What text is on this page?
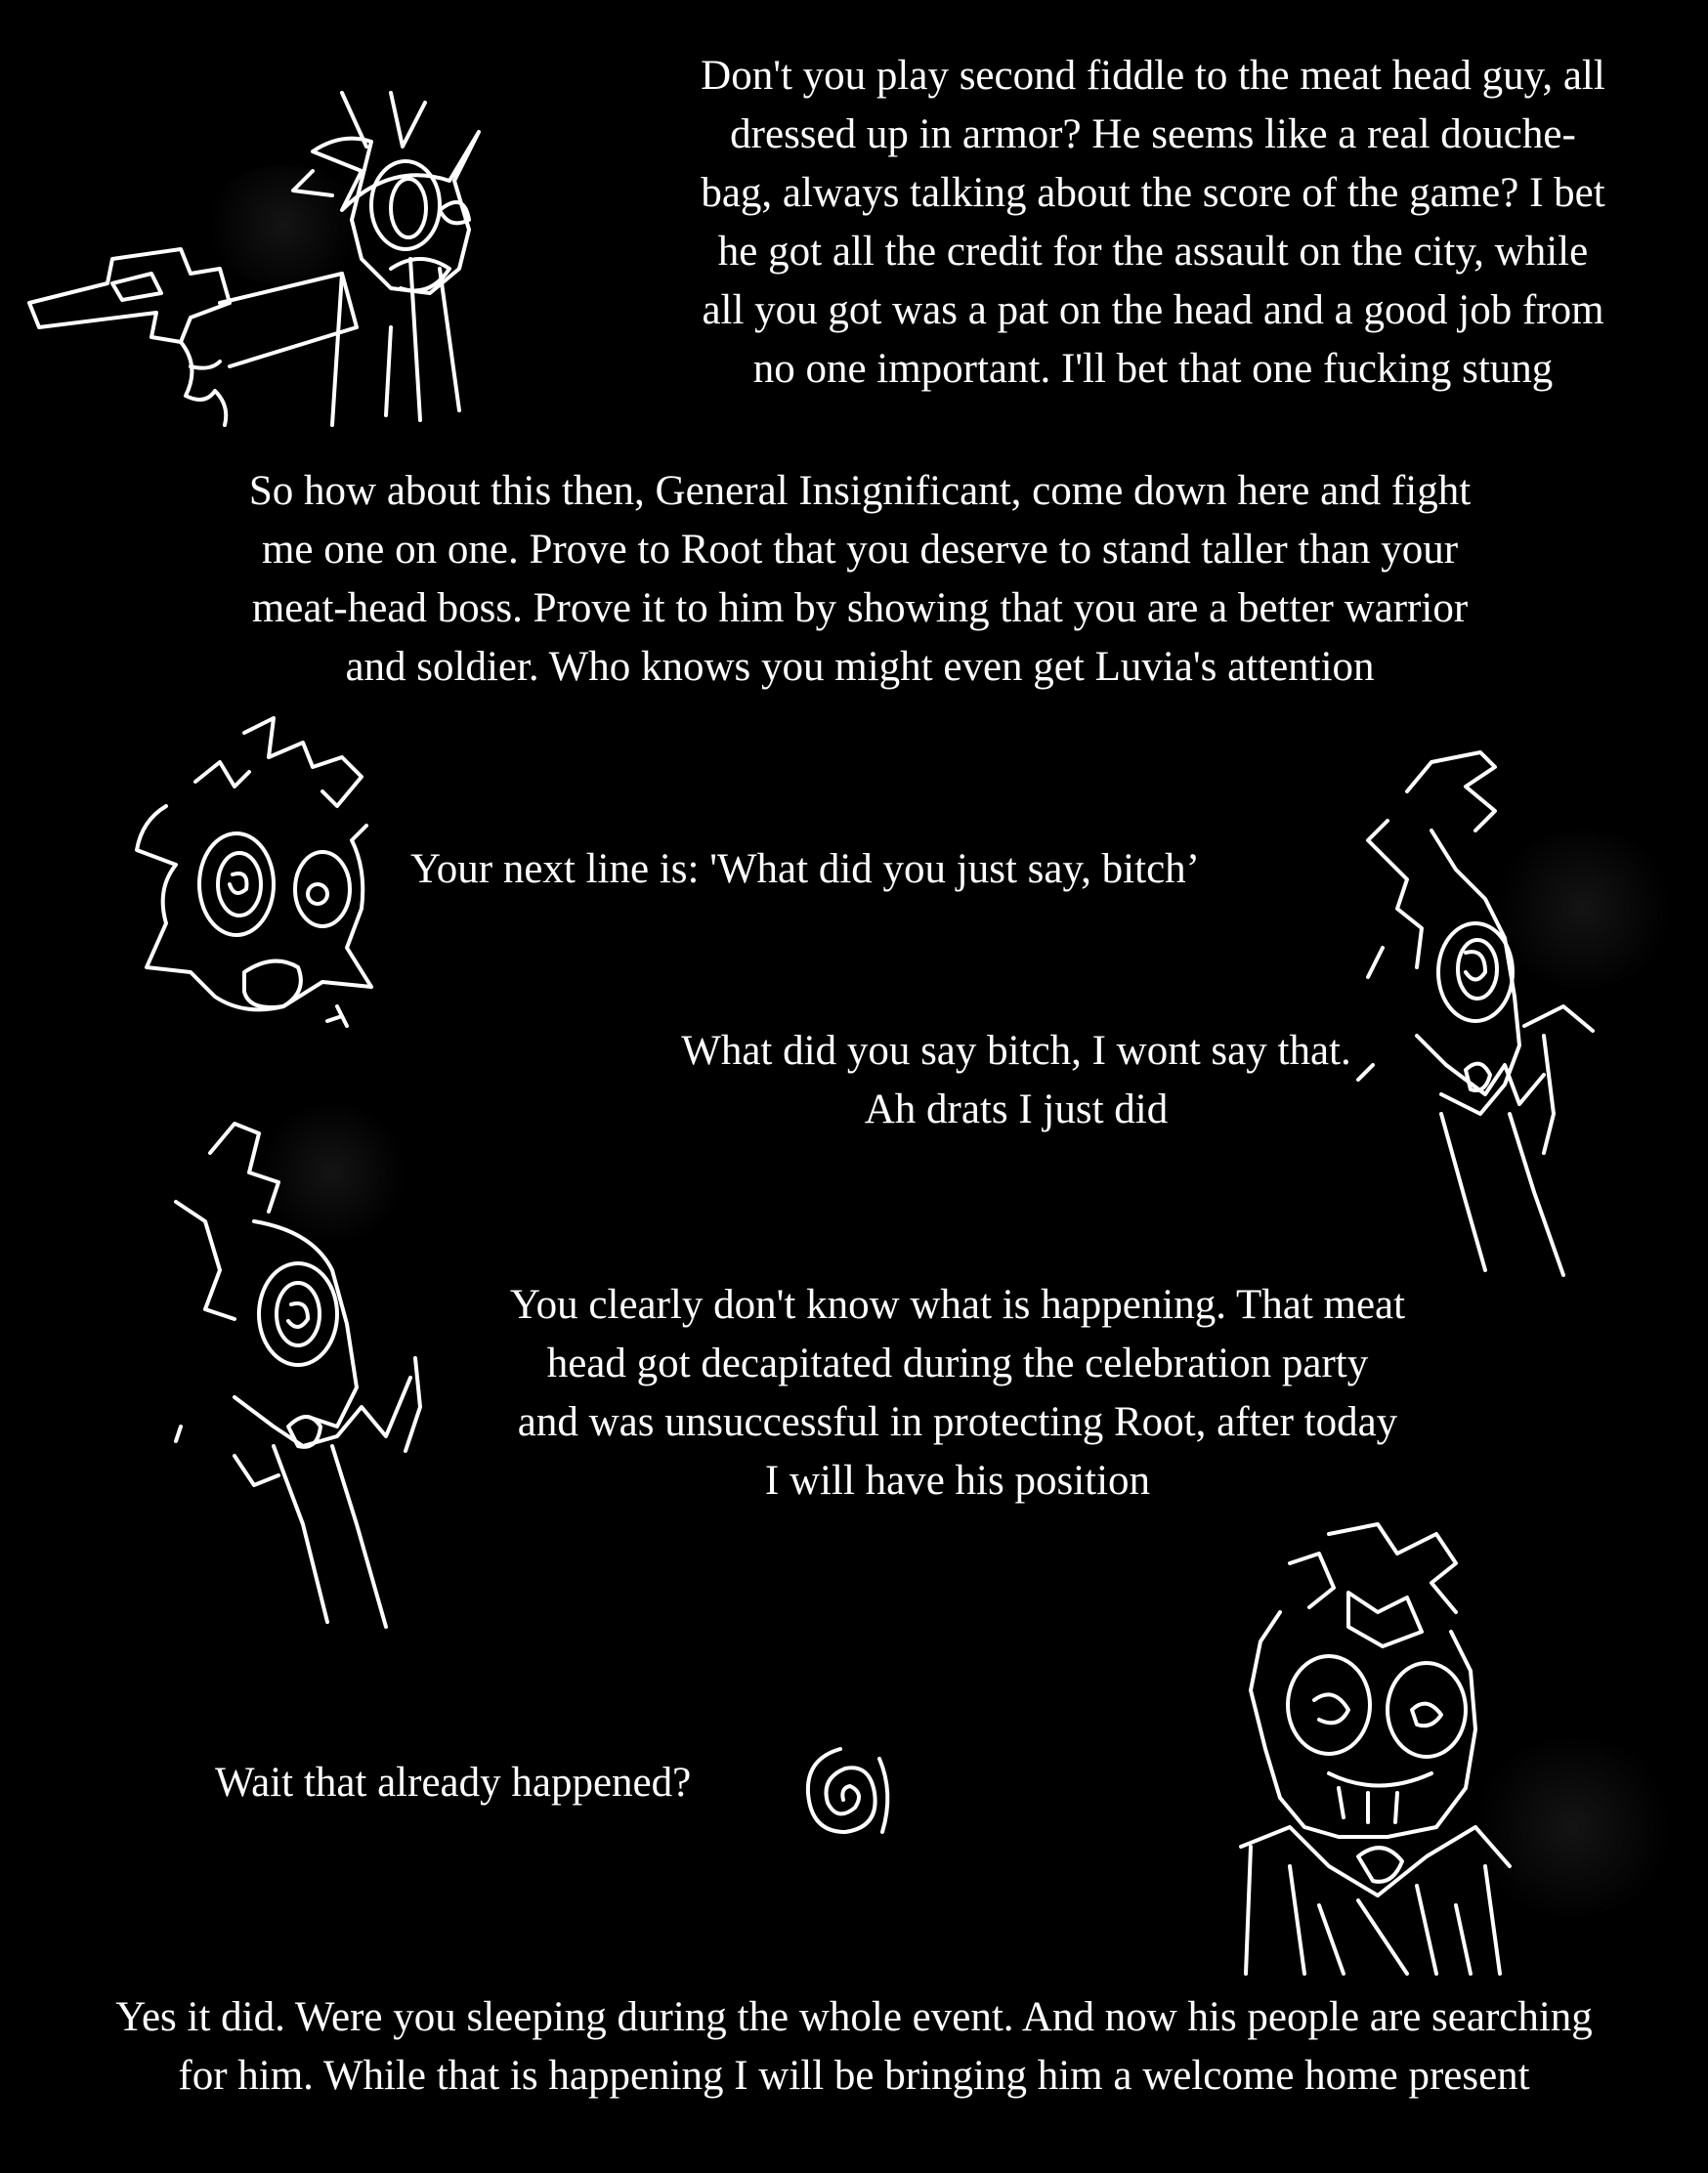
Don't you play second fiddle to the meat head guy, all
dressed up in armor? He seems like a real douche-
bag, always talking about the score of the game? I bet
he got all the credit for the assault on the city, while
all you got was a pat on the head and a good job from
no one important. I'll bet that one fucking stung
So how about this then, General Insignificant, come down here and fight
me one on one. Prove to Root that you deserve to stand taller than your
meat-head boss. Prove it to him by showing that you are a better warrior
and soldier. Who knows you might even get Luvia's attention
Your next line is: 'What did you just say, bitch’
What did you say bitch, I wont say that.
Ah drats I just did
You clearly don't know what is happening. That meat
head got decapitated during the celebration party
and was unsuccessful in protecting Root, after today
I will have his position
Wait that already happened?
Yes it did. Were you sleeping during the whole event. And now his people are searching
for him. While that is happening I will be bringing him a welcome home present
